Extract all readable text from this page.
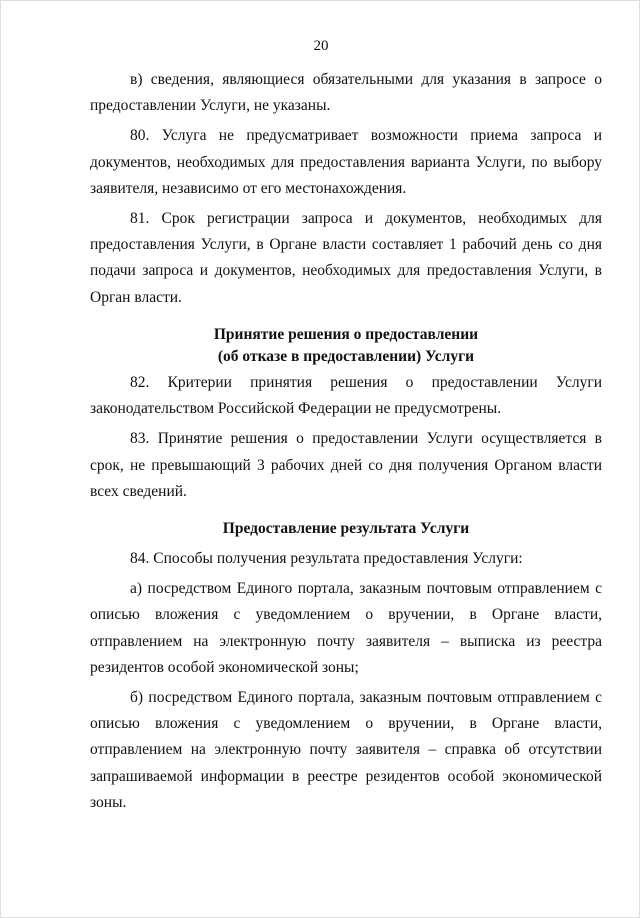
20

в) сведения, являющиеся обязательными для указания в запросе о предоставлении Услуги, не указаны.

80. Услуга не предусматривает возможности приема запроса и документов, необходимых для предоставления варианта Услуги, по выбору заявителя, независимо от его местонахождения.

81. Срок регистрации запроса и документов, необходимых для предоставления Услуги, в Органе власти составляет 1 рабочий день со дня подачи запроса и документов, необходимых для предоставления Услуги, в Орган власти.

Принятие решения о предоставлении
(об отказе в предоставлении) Услуги

82. Критерии принятия решения о предоставлении Услуги законодательством Российской Федерации не предусмотрены.

83. Принятие решения о предоставлении Услуги осуществляется в срок, не превышающий 3 рабочих дней со дня получения Органом власти всех сведений.

Предоставление результата Услуги

84. Способы получения результата предоставления Услуги:

а) посредством Единого портала, заказным почтовым отправлением с описью вложения с уведомлением о вручении, в Органе власти, отправлением на электронную почту заявителя – выписка из реестра резидентов особой экономической зоны;

б) посредством Единого портала, заказным почтовым отправлением с описью вложения с уведомлением о вручении, в Органе власти, отправлением на электронную почту заявителя – справка об отсутствии запрашиваемой информации в реестре резидентов особой экономической зоны.
